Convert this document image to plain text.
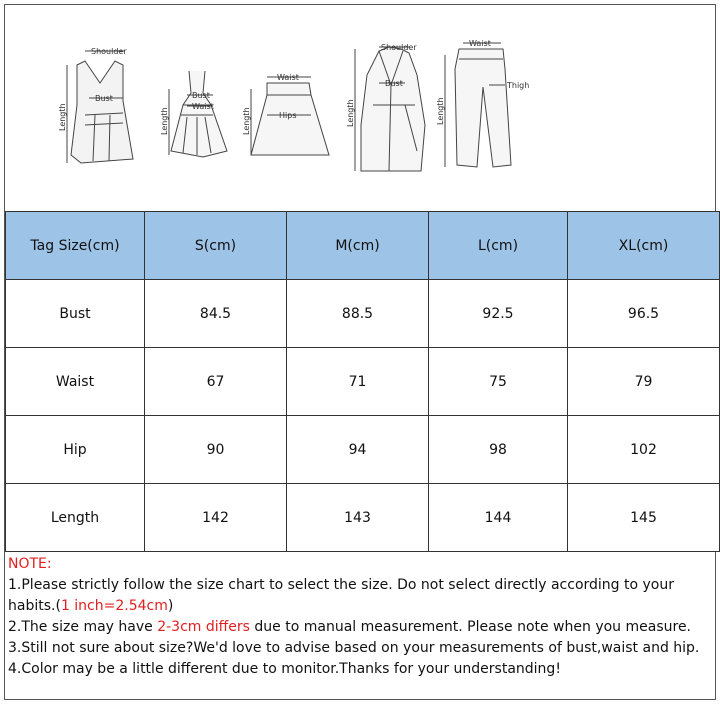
Shoulder
Bust	Bust
Waist
Waist
Hips
Shoulder
Bust
Waist
Thigh
Length	Length	Length	Length	Length
Tag Size(cm)	S(cm)	M(cm)	L(cm)	XL(cm)
Bust	84.5	88.5	92.5	96.5
Waist	67	71	75	79
Hip	90	94	98	102
Length	142	143	144	145
NOTE:
1.Please strictly follow the size chart to select the size. Do not select directly according to your
habits.(1 inch=2.54cm)
2.The size may have 2-3cm differs due to manual measurement. Please note when you measure.
3.Still not sure about size?We'd love to advise based on your measurements of bust,waist and hip.
4.Color may be a little different due to monitor.Thanks for your understanding!
